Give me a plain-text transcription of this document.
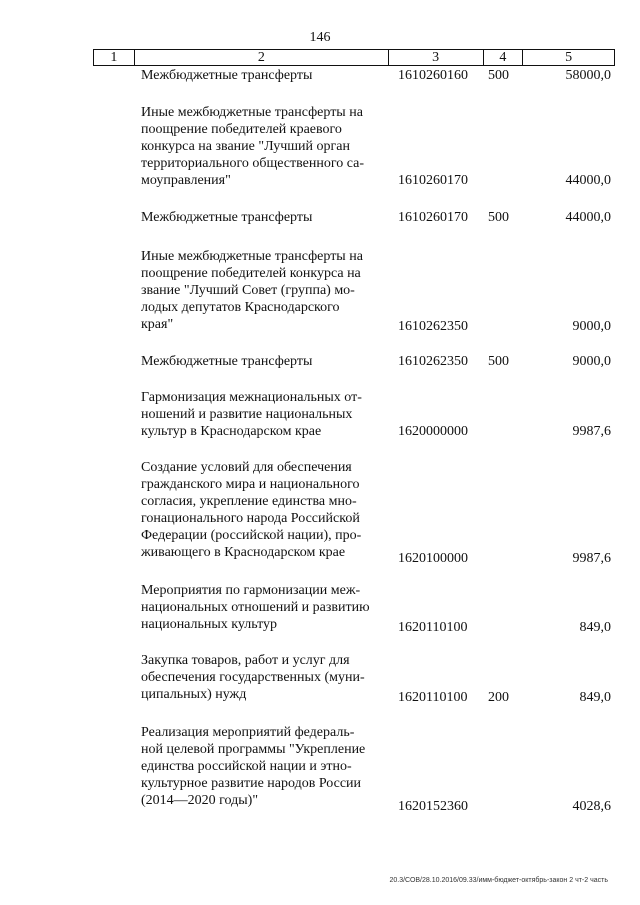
146
1	2	3	4	5
Межбюджетные трансферты	1610260160 500	58000,0
Иные межбюджетные трансферты на
поощрение победителей краевого
конкурса на звание "Лучший орган
территориального общественного са-
моуправления"	1610260170	44000,0
Межбюджетные трансферты	1610260170 500	44000,0
Иные межбюджетные трансферты на
поощрение победителей конкурса на
звание "Лучший Совет (группа) мо-
лодых депутатов Краснодарского
края"	1610262350	9000,0
Межбюджетные трансферты	1610262350 500	9000,0
Гармонизация межнациональных от-
ношений и развитие национальных
культур в Краснодарском крае	1620000000	9987,6
Создание условий для обеспечения
гражданского мира и национального
согласия, укрепление единства мно-
гонационального народа Российской
Федерации (российской нации), про-
живающего в Краснодарском крае	1620100000	9987,6
Мероприятия по гармонизации меж-
национальных отношений и развитию
национальных культур	1620110100	849,0
Закупка товаров, работ и услуг для
обеспечения государственных (муни-
ципальных) нужд	1620110100 200	849,0
Реализация мероприятий федераль-
ной целевой программы "Укрепление
единства российской нации и этно-
культурное развитие народов России
(2014—2020 годы)"	1620152360	4028,6
20.3/СОВ/28.10.2016/09.33/имм-бюджет-октябрь-закон 2 чт-2 часть
